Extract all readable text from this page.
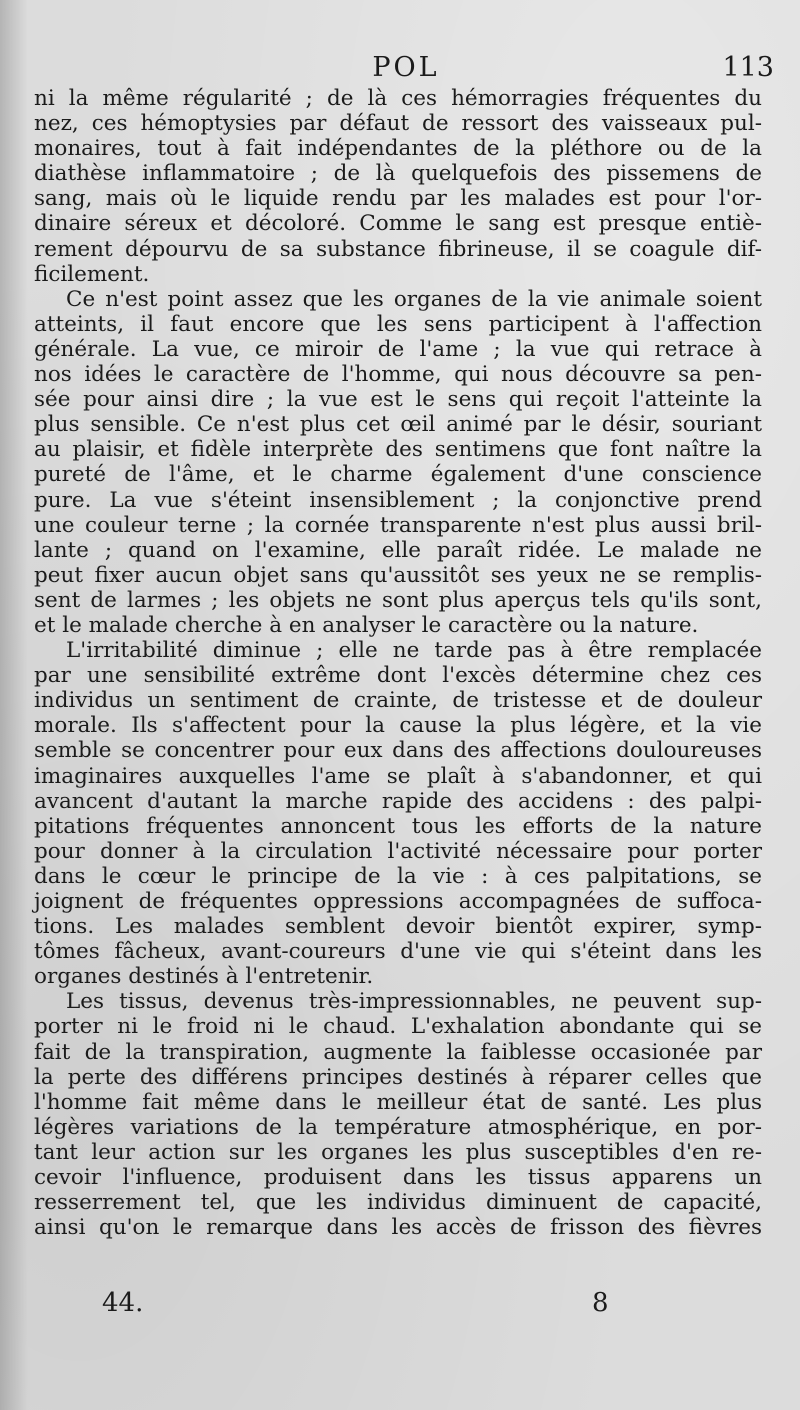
POL	113
ni la même régularité ; de là ces hémorragies fréquentes du
nez, ces hémoptysies par défaut de ressort des vaisseaux pul-
monaires, tout à fait indépendantes de la pléthore ou de la
diathèse inflammatoire ; de là quelquefois des pissemens de
sang, mais où le liquide rendu par les malades est pour l'or-
dinaire séreux et décoloré. Comme le sang est presque entiè-
rement dépourvu de sa substance fibrineuse, il se coagule dif-
ficilement.
Ce n'est point assez que les organes de la vie animale soient
atteints, il faut encore que les sens participent à l'affection
générale. La vue, ce miroir de l'ame ; la vue qui retrace à
nos idées le caractère de l'homme, qui nous découvre sa pen-
sée pour ainsi dire ; la vue est le sens qui reçoit l'atteinte la
plus sensible. Ce n'est plus cet œil animé par le désir, souriant
au plaisir, et fidèle interprète des sentimens que font naître la
pureté de l'âme, et le charme également d'une conscience
pure. La vue s'éteint insensiblement ; la conjonctive prend
une couleur terne ; la cornée transparente n'est plus aussi bril-
lante ; quand on l'examine, elle paraît ridée. Le malade ne
peut fixer aucun objet sans qu'aussitôt ses yeux ne se remplis-
sent de larmes ; les objets ne sont plus aperçus tels qu'ils sont,
et le malade cherche à en analyser le caractère ou la nature.
L'irritabilité diminue ; elle ne tarde pas à être remplacée
par une sensibilité extrême dont l'excès détermine chez ces
individus un sentiment de crainte, de tristesse et de douleur
morale. Ils s'affectent pour la cause la plus légère, et la vie
semble se concentrer pour eux dans des affections douloureuses
imaginaires auxquelles l'ame se plaît à s'abandonner, et qui
avancent d'autant la marche rapide des accidens : des palpi-
pitations fréquentes annoncent tous les efforts de la nature
pour donner à la circulation l'activité nécessaire pour porter
dans le cœur le principe de la vie : à ces palpitations, se
joignent de fréquentes oppressions accompagnées de suffoca-
tions. Les malades semblent devoir bientôt expirer, symp-
tômes fâcheux, avant-coureurs d'une vie qui s'éteint dans les
organes destinés à l'entretenir.
Les tissus, devenus très-impressionnables, ne peuvent sup-
porter ni le froid ni le chaud. L'exhalation abondante qui se
fait de la transpiration, augmente la faiblesse occasionée par
la perte des différens principes destinés à réparer celles que
l'homme fait même dans le meilleur état de santé. Les plus
légères variations de la température atmosphérique, en por-
tant leur action sur les organes les plus susceptibles d'en re-
cevoir l'influence, produisent dans les tissus apparens un
resserrement tel, que les individus diminuent de capacité,
ainsi qu'on le remarque dans les accès de frisson des fièvres
44.	8
